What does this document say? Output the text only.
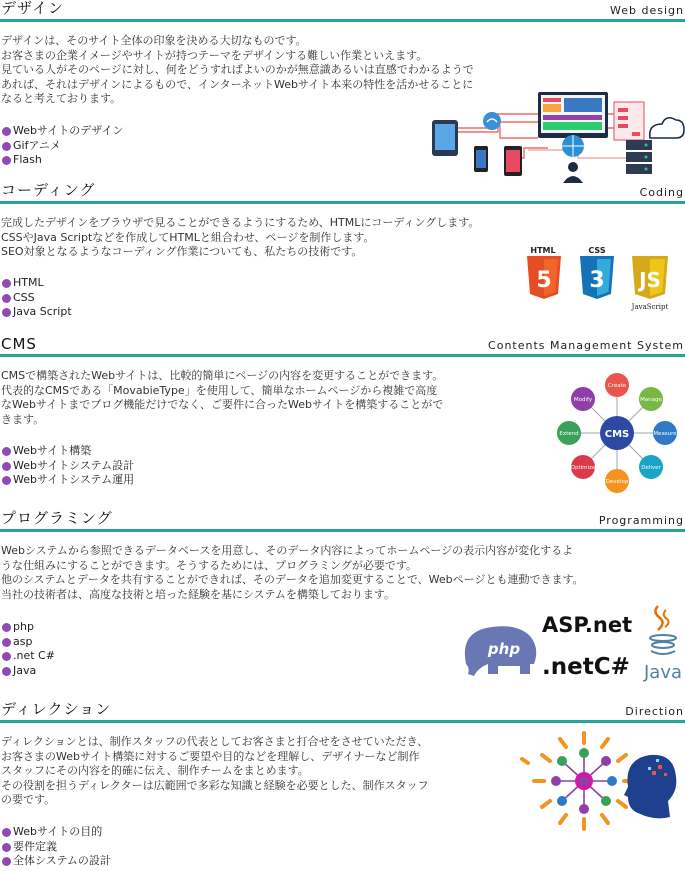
デザイン	Web design
デザインは、そのサイト全体の印象を決める大切なものです。
お客さまの企業イメージやサイトが持つテーマをデザインする難しい作業といえます。
見ている人がそのページに対し、何をどうすればよいのかが無意識あるいは直感でわかるようで
あれば、それはデザインによるもので、インターネットWebサイト本来の特性を活かせることに
なると考えております。
Webサイトのデザイン
Gifアニメ
Flash
コーディング	Coding
完成したデザインをブラウザで見ることができるようにするため、HTMLにコーディングします。
CSSやJava Scriptなどを作成してHTMLと組合わせ、ページを制作します。
SEO対象となるようなコーディング作業についても、私たちの技術です。
HTML
CSS
Java Script
HTML
5
CSS
3 JS
JavaScript
CMS	Contents Management System
CMSで構築されたWebサイトは、比較的簡単にページの内容を変更することができます。
代表的なCMSである「MovabieType」を使用して、簡単なホームページから複雑で高度
なWebサイトまでブログ機能だけでなく、ご要件に合ったWebサイトを構築することがで
きます。
Webサイト構築
Webサイトシステム設計
Webサイトシステム運用
CMS
Create
Manage
Measure
Deliver
Develop
Optimize
Extend
Modify
プログラミング	Programming
Webシステムから参照できるデータベースを用意し、そのデータ内容によってホームページの表示内容が変化するよ
うな仕組みにすることができます。そうするためには、プログラミングが必要です。
他のシステムとデータを共有することができれば、そのデータを追加変更することで、Webページとも連動できます。
当社の技術者は、高度な技術と培った経験を基にシステムを構築しております。
php
asp
.net C#
Java
php
ASP.net
.netC# Java
ディレクション	Direction
ディレクションとは、制作スタッフの代表としてお客さまと打合せをさせていただき、
お客さまのWebサイト構築に対するご要望や目的などを理解し、デザイナーなど制作
スタッフにその内容を的確に伝え、制作チームをまとめます。
その役割を担うディレクターは広範囲で多彩な知識と経験を必要とした、制作スタッフ
の要です。
Webサイトの目的
要件定義
全体システムの設計
